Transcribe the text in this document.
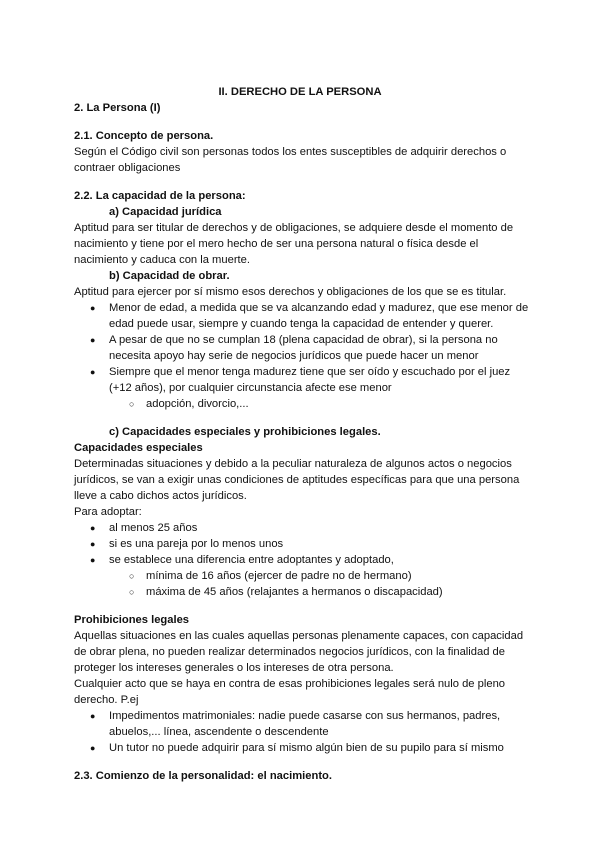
II. DERECHO DE LA PERSONA
2. La Persona (I)
2.1. Concepto de persona.
Según el Código civil son personas todos los entes susceptibles de adquirir derechos o
contraer obligaciones
2.2. La capacidad de la persona:
a) Capacidad jurídica
Aptitud para ser titular de derechos y de obligaciones, se adquiere desde el momento de
nacimiento y tiene por el mero hecho de ser una persona natural o física desde el
nacimiento y caduca con la muerte.
b) Capacidad de obrar.
Aptitud para ejercer por sí mismo esos derechos y obligaciones de los que se es titular.
● Menor de edad, a medida que se va alcanzando edad y madurez, que ese menor de
edad puede usar, siempre y cuando tenga la capacidad de entender y querer.
● A pesar de que no se cumplan 18 (plena capacidad de obrar), si la persona no
necesita apoyo hay serie de negocios jurídicos que puede hacer un menor
● Siempre que el menor tenga madurez tiene que ser oído y escuchado por el juez
(+12 años), por cualquier circunstancia afecte ese menor
○ adopción, divorcio,...
c) Capacidades especiales y prohibiciones legales.
Capacidades especiales
Determinadas situaciones y debido a la peculiar naturaleza de algunos actos o negocios
jurídicos, se van a exigir unas condiciones de aptitudes específicas para que una persona
lleve a cabo dichos actos jurídicos.
Para adoptar:
● al menos 25 años
● si es una pareja por lo menos unos
● se establece una diferencia entre adoptantes y adoptado,
○ mínima de 16 años (ejercer de padre no de hermano)
○ máxima de 45 años (relajantes a hermanos o discapacidad)
Prohibiciones legales
Aquellas situaciones en las cuales aquellas personas plenamente capaces, con capacidad
de obrar plena, no pueden realizar determinados negocios jurídicos, con la finalidad de
proteger los intereses generales o los intereses de otra persona.
Cualquier acto que se haya en contra de esas prohibiciones legales será nulo de pleno
derecho. P.ej
● Impedimentos matrimoniales: nadie puede casarse con sus hermanos, padres,
abuelos,... línea, ascendente o descendente
● Un tutor no puede adquirir para sí mismo algún bien de su pupilo para sí mismo
2.3. Comienzo de la personalidad: el nacimiento.
